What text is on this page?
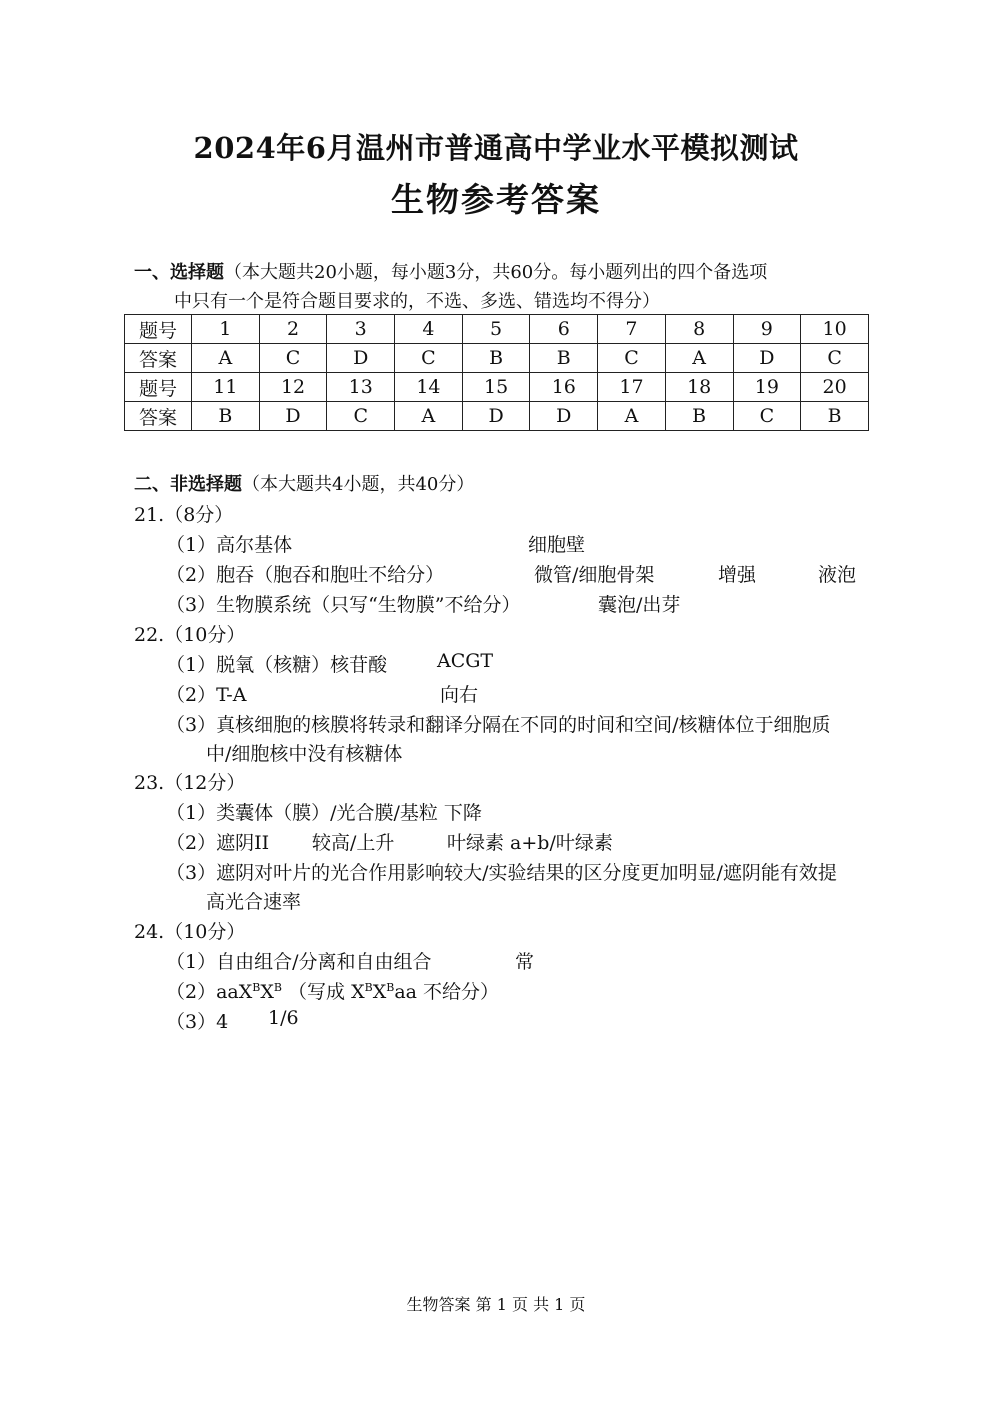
2024年6月温州市普通高中学业水平模拟测试
生物参考答案
一、选择题（本大题共20小题，每小题3分，共60分。每小题列出的四个备选项
中只有一个是符合题目要求的，不选、多选、错选均不得分）
题号	1	2	3	4	5	6	7	8	9	10
答案	A	C	D	C	B	B	C	A	D	C
题号	11	12	13	14	15	16	17	18	19	20
答案	B	D	C	A	D	D	A	B	C	B
二、非选择题（本大题共4小题，共40分）
21.（8分）
（1）高尔基体	细胞壁
（2）胞吞（胞吞和胞吐不给分）	微管/细胞骨架	增强	液泡
（3）生物膜系统（只写“生物膜”不给分）	囊泡/出芽
22.（10分）
（1）脱氧（核糖）核苷酸	ACGT
（2）T-A	向右
（3）真核细胞的核膜将转录和翻译分隔在不同的时间和空间/核糖体位于细胞质
中/细胞核中没有核糖体
23.（12分）
（1）类囊体（膜）/光合膜/基粒 下降
（2）遮阴II 较高/上升	叶绿素 a+b/叶绿素
（3）遮阴对叶片的光合作用影响较大/实验结果的区分度更加明显/遮阴能有效提
高光合速率
24.（10分）
（1）自由组合/分离和自由组合	常
$(2)aaX^BX^B$ （写成 $X^BX^Baa$ 不给分）
（3）4 1/6
生物答案 第 1 页 共 1 页
